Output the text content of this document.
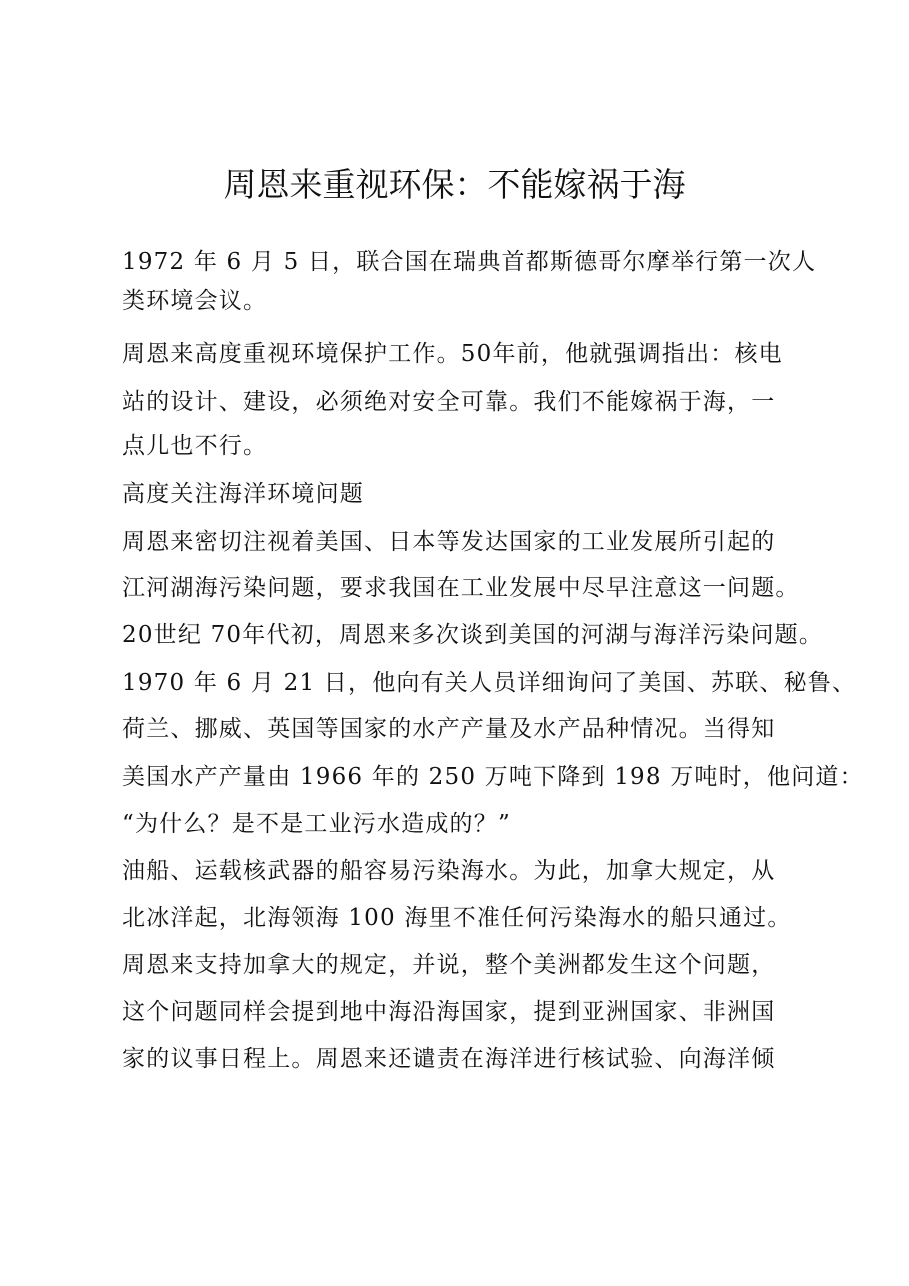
周恩来重视环保：不能嫁祸于海

1972 年 6 月 5 日，联合国在瑞典首都斯德哥尔摩举行第一次人

类环境会议。

周恩来高度重视环境保护工作。50年前，他就强调指出：核电

站的设计、建设，必须绝对安全可靠。我们不能嫁祸于海，一

点儿也不行。

高度关注海洋环境问题

周恩来密切注视着美国、日本等发达国家的工业发展所引起的

江河湖海污染问题，要求我国在工业发展中尽早注意这一问题。

20世纪 70年代初，周恩来多次谈到美国的河湖与海洋污染问题。

1970 年 6 月 21 日，他向有关人员详细询问了美国、苏联、秘鲁、

荷兰、挪威、英国等国家的水产产量及水产品种情况。当得知

美国水产产量由 1966 年的 250 万吨下降到 198 万吨时，他问道：

“为什么？是不是工业污水造成的？”

油船、运载核武器的船容易污染海水。为此，加拿大规定，从

北冰洋起，北海领海 100 海里不准任何污染海水的船只通过。

周恩来支持加拿大的规定，并说，整个美洲都发生这个问题，

这个问题同样会提到地中海沿海国家，提到亚洲国家、非洲国

家的议事日程上。周恩来还谴责在海洋进行核试验、向海洋倾
